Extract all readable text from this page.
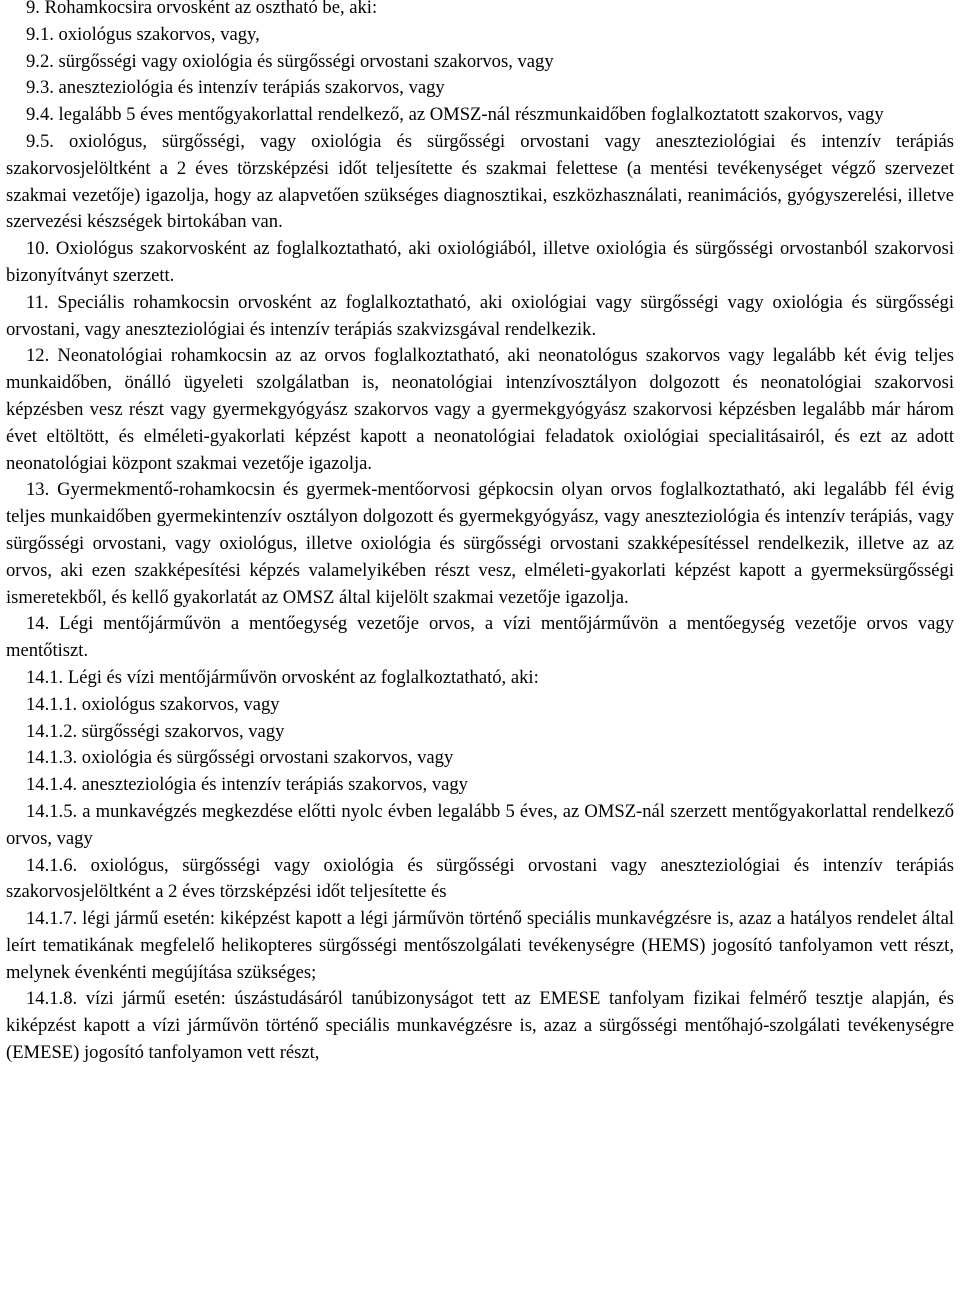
9. Rohamkocsira orvosként az osztható be, aki:

9.1. oxiológus szakorvos, vagy,

9.2. sürgősségi vagy oxiológia és sürgősségi orvostani szakorvos, vagy

9.3. aneszteziológia és intenzív terápiás szakorvos, vagy

9.4. legalább 5 éves mentőgyakorlattal rendelkező, az OMSZ-nál részmunkaidőben foglalkoztatott szakorvos, vagy

9.5. oxiológus, sürgősségi, vagy oxiológia és sürgősségi orvostani vagy aneszteziológiai és intenzív terápiás szakorvosjelöltként a 2 éves törzsképzési időt teljesítette és szakmai felettese (a mentési tevékenységet végző szervezet szakmai vezetője) igazolja, hogy az alapvetően szükséges diagnosztikai, eszközhasználati, reanimációs, gyógyszerelési, illetve szervezési készségek birtokában van.

10. Oxiológus szakorvosként az foglalkoztatható, aki oxiológiából, illetve oxiológia és sürgősségi orvostanból szakorvosi bizonyítványt szerzett.

11. Speciális rohamkocsin orvosként az foglalkoztatható, aki oxiológiai vagy sürgősségi vagy oxiológia és sürgősségi orvostani, vagy aneszteziológiai és intenzív terápiás szakvizsgával rendelkezik.

12. Neonatológiai rohamkocsin az az orvos foglalkoztatható, aki neonatológus szakorvos vagy legalább két évig teljes munkaidőben, önálló ügyeleti szolgálatban is, neonatológiai intenzívosztályon dolgozott és neonatológiai szakorvosi képzésben vesz részt vagy gyermekgyógyász szakorvos vagy a gyermekgyógyász szakorvosi képzésben legalább már három évet eltöltött, és elméleti-gyakorlati képzést kapott a neonatológiai feladatok oxiológiai specialitásairól, és ezt az adott neonatológiai központ szakmai vezetője igazolja.

13. Gyermekmentő-rohamkocsin és gyermek-mentőorvosi gépkocsin olyan orvos foglalkoztatható, aki legalább fél évig teljes munkaidőben gyermekintenzív osztályon dolgozott és gyermekgyógyász, vagy aneszteziológia és intenzív terápiás, vagy sürgősségi orvostani, vagy oxiológus, illetve oxiológia és sürgősségi orvostani szakképesítéssel rendelkezik, illetve az az orvos, aki ezen szakképesítési képzés valamelyikében részt vesz, elméleti-gyakorlati képzést kapott a gyermeksürgősségi ismeretekből, és kellő gyakorlatát az OMSZ által kijelölt szakmai vezetője igazolja.

14. Légi mentőjárművön a mentőegység vezetője orvos, a vízi mentőjárművön a mentőegység vezetője orvos vagy mentőtiszt.

14.1. Légi és vízi mentőjárművön orvosként az foglalkoztatható, aki:

14.1.1. oxiológus szakorvos, vagy

14.1.2. sürgősségi szakorvos, vagy

14.1.3. oxiológia és sürgősségi orvostani szakorvos, vagy

14.1.4. aneszteziológia és intenzív terápiás szakorvos, vagy

14.1.5. a munkavégzés megkezdése előtti nyolc évben legalább 5 éves, az OMSZ-nál szerzett mentőgyakorlattal rendelkező orvos, vagy

14.1.6. oxiológus, sürgősségi vagy oxiológia és sürgősségi orvostani vagy aneszteziológiai és intenzív terápiás szakorvosjelöltként a 2 éves törzsképzési időt teljesítette és

14.1.7. légi jármű esetén: kiképzést kapott a légi járművön történő speciális munkavégzésre is, azaz a hatályos rendelet által leírt tematikának megfelelő helikopteres sürgősségi mentőszolgálati tevékenységre (HEMS) jogosító tanfolyamon vett részt, melynek évenkénti megújítása szükséges;

14.1.8. vízi jármű esetén: úszástudásáról tanúbizonyságot tett az EMESE tanfolyam fizikai felmérő tesztje alapján, és kiképzést kapott a vízi járművön történő speciális munkavégzésre is, azaz a sürgősségi mentőhajó-szolgálati tevékenységre (EMESE) jogosító tanfolyamon vett részt,
